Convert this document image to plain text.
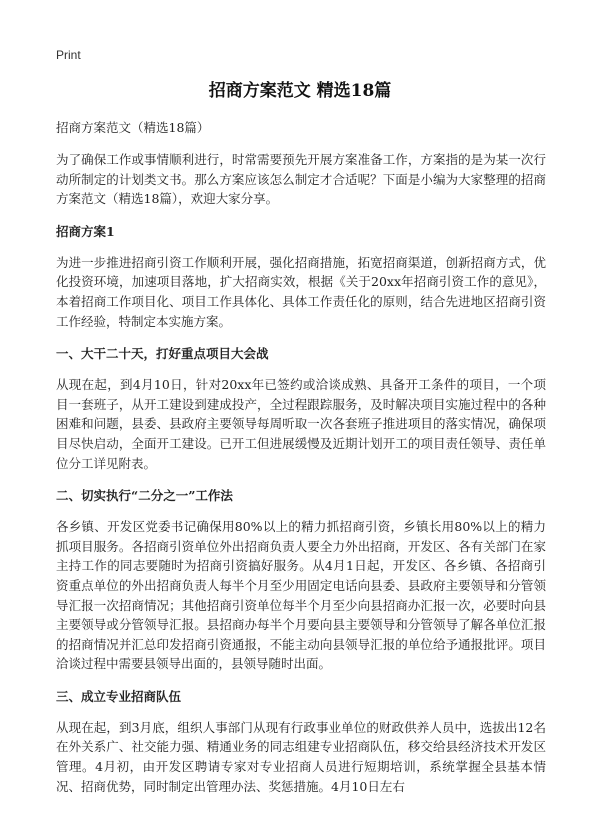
Print
招商方案范文 精选18篇
招商方案范文（精选18篇）

为了确保工作或事情顺利进行，时常需要预先开展方案准备工作，方案指的是为某一次行动所制定的计划类文书。那么方案应该怎么制定才合适呢？下面是小编为大家整理的招商方案范文（精选18篇），欢迎大家分享。

招商方案1

为进一步推进招商引资工作顺利开展，强化招商措施，拓宽招商渠道，创新招商方式，优化投资环境，加速项目落地，扩大招商实效，根据《关于20xx年招商引资工作的意见》，本着招商工作项目化、项目工作具体化、具体工作责任化的原则，结合先进地区招商引资工作经验，特制定本实施方案。

一、大干二十天，打好重点项目大会战

从现在起，到4月10日，针对20xx年已签约或洽谈成熟、具备开工条件的项目，一个项目一套班子，从开工建设到建成投产，全过程跟踪服务，及时解决项目实施过程中的各种困难和问题，县委、县政府主要领导每周听取一次各套班子推进项目的落实情况，确保项目尽快启动，全面开工建设。已开工但进展缓慢及近期计划开工的项目责任领导、责任单位分工详见附表。

二、切实执行“二分之一”工作法

各乡镇、开发区党委书记确保用80%以上的精力抓招商引资，乡镇长用80%以上的精力抓项目服务。各招商引资单位外出招商负责人要全力外出招商，开发区、各有关部门在家主持工作的同志要随时为招商引资搞好服务。从4月1日起，开发区、各乡镇、各招商引资重点单位的外出招商负责人每半个月至少用固定电话向县委、县政府主要领导和分管领导汇报一次招商情况；其他招商引资单位每半个月至少向县招商办汇报一次，必要时向县主要领导或分管领导汇报。县招商办每半个月要向县主要领导和分管领导了解各单位汇报的招商情况并汇总印发招商引资通报，不能主动向县领导汇报的单位给予通报批评。项目洽谈过程中需要县领导出面的，县领导随时出面。

三、成立专业招商队伍

从现在起，到3月底，组织人事部门从现有行政事业单位的财政供养人员中，选拔出12名在外关系广、社交能力强、精通业务的同志组建专业招商队伍，移交给县经济技术开发区管理。4月初，由开发区聘请专家对专业招商人员进行短期培训，系统掌握全县基本情况、招商优势，同时制定出管理办法、奖惩措施。4月10日左右
